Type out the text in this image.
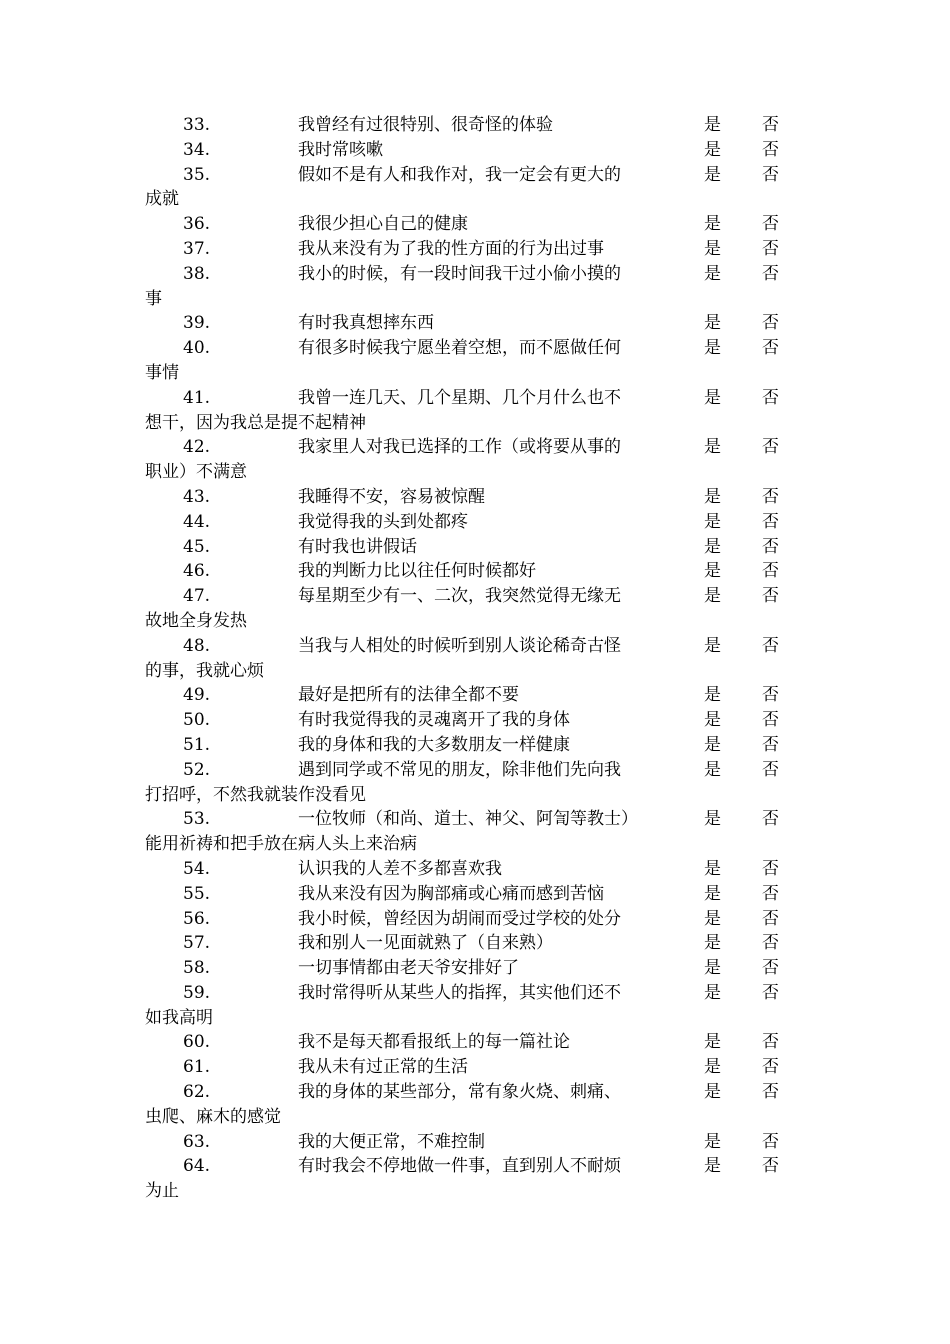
33.	我曾经有过很特别、很奇怪的体验	是 否
34.	我时常咳嗽	是 否
35.	假如不是有人和我作对，我一定会有更大的	是 否
成就
36.	我很少担心自己的健康	是 否
37.	我从来没有为了我的性方面的行为出过事	是 否
38.	我小的时候，有一段时间我干过小偷小摸的	是 否
事
39.	有时我真想摔东西	是 否
40.	有很多时候我宁愿坐着空想，而不愿做任何	是 否
事情
41.	我曾一连几天、几个星期、几个月什么也不	是 否
想干，因为我总是提不起精神
42.	我家里人对我已选择的工作（或将要从事的	是 否
职业）不满意
43.	我睡得不安，容易被惊醒	是 否
44.	我觉得我的头到处都疼	是 否
45.	有时我也讲假话	是 否
46.	我的判断力比以往任何时候都好	是 否
47.	每星期至少有一、二次，我突然觉得无缘无	是 否
故地全身发热
48.	当我与人相处的时候听到别人谈论稀奇古怪	是 否
的事，我就心烦
49.	最好是把所有的法律全都不要	是 否
50.	有时我觉得我的灵魂离开了我的身体	是 否
51.	我的身体和我的大多数朋友一样健康	是 否
52.	遇到同学或不常见的朋友，除非他们先向我	是 否
打招呼，不然我就装作没看见
53.	一位牧师（和尚、道士、神父、阿訇等教士）	是 否
能用祈祷和把手放在病人头上来治病
54.	认识我的人差不多都喜欢我	是 否
55.	我从来没有因为胸部痛或心痛而感到苦恼	是 否
56.	我小时候，曾经因为胡闹而受过学校的处分	是 否
57.	我和别人一见面就熟了（自来熟）	是 否
58.	一切事情都由老天爷安排好了	是 否
59.	我时常得听从某些人的指挥，其实他们还不	是 否
如我高明
60.	我不是每天都看报纸上的每一篇社论	是 否
61.	我从未有过正常的生活	是 否
62.	我的身体的某些部分，常有象火烧、刺痛、	是 否
虫爬、麻木的感觉
63.	我的大便正常，不难控制	是 否
64.	有时我会不停地做一件事，直到别人不耐烦	是 否
为止
